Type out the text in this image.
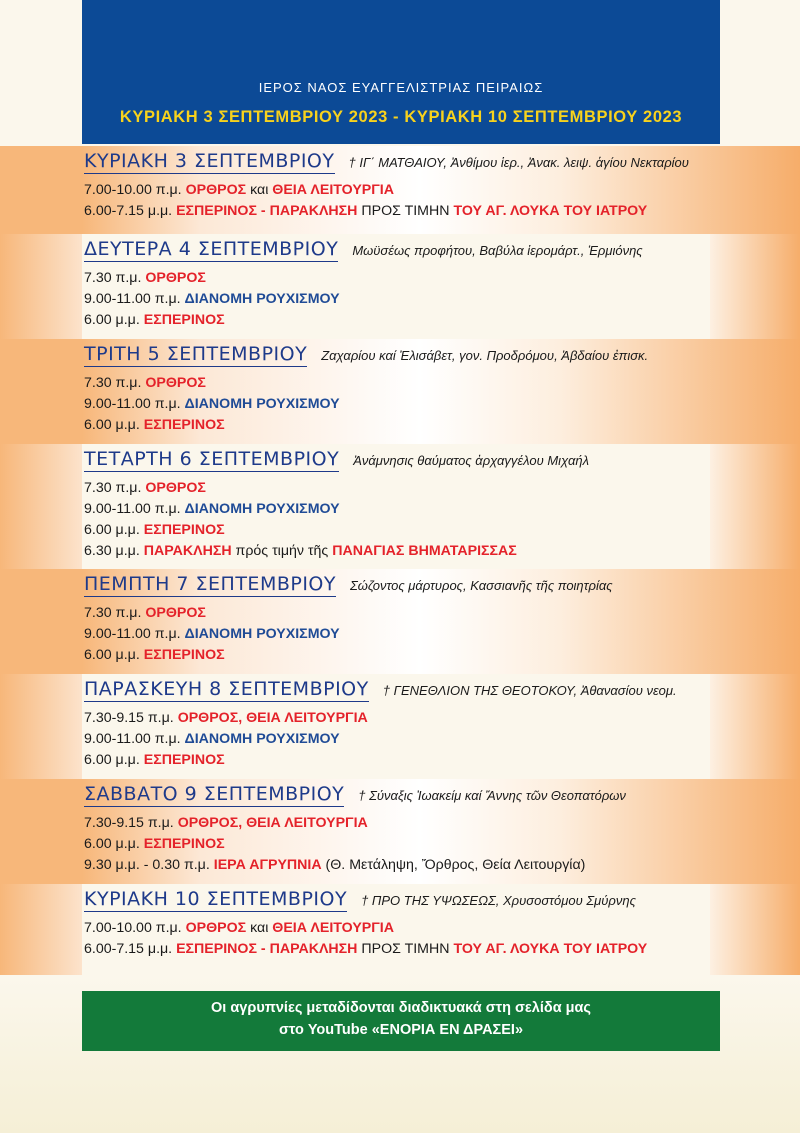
ΙΕΡΟΣ ΝΑΟΣ ΕΥΑΓΓΕΛΙΣΤΡΙΑΣ ΠΕΙΡΑΙΩΣ
ΚΥΡΙΑΚΗ 3 ΣΕΠΤΕΜΒΡΙΟΥ 2023 - ΚΥΡΙΑΚΗ 10 ΣΕΠΤΕΜΒΡΙΟΥ 2023
ΚΥΡΙΑΚΗ 3 ΣΕΠΤΕΜΒΡΙΟΥ † ΙΓ΄ ΜΑΤΘΑΙΟΥ, Ἀνθίμου ἱερ., Ἀνακ. λειψ. ἁγίου Νεκταρίου
7.00-10.00 π.μ. ΟΡΘΡΟΣ και ΘΕΙΑ ΛΕΙΤΟΥΡΓΙΑ
6.00-7.15 μ.μ. ΕΣΠΕΡΙΝΟΣ - ΠΑΡΑΚΛΗΣΗ ΠΡΟΣ ΤΙΜΗΝ ΤΟΥ ΑΓ. ΛΟΥΚΑ ΤΟΥ ΙΑΤΡΟΥ
ΔΕΥΤΕΡΑ 4 ΣΕΠΤΕΜΒΡΙΟΥ Μωϋσέως προφήτου, Βαβύλα ἱερομάρτ., Ἑρμιόνης
7.30 π.μ. ΟΡΘΡΟΣ
9.00-11.00 π.μ. ΔΙΑΝΟΜΗ ΡΟΥΧΙΣΜΟΥ
6.00 μ.μ. ΕΣΠΕΡΙΝΟΣ
ΤΡΙΤΗ 5 ΣΕΠΤΕΜΒΡΙΟΥ Ζαχαρίου καί Ἐλισάβετ, γον. Προδρόμου, Ἀβδαίου ἐπισκ.
7.30 π.μ. ΟΡΘΡΟΣ
9.00-11.00 π.μ. ΔΙΑΝΟΜΗ ΡΟΥΧΙΣΜΟΥ
6.00 μ.μ. ΕΣΠΕΡΙΝΟΣ
ΤΕΤΑΡΤΗ 6 ΣΕΠΤΕΜΒΡΙΟΥ Ἀνάμνησις θαύματος ἀρχαγγέλου Μιχαήλ
7.30 π.μ. ΟΡΘΡΟΣ
9.00-11.00 π.μ. ΔΙΑΝΟΜΗ ΡΟΥΧΙΣΜΟΥ
6.00 μ.μ. ΕΣΠΕΡΙΝΟΣ
6.30 μ.μ. ΠΑΡΑΚΛΗΣΗ πρός τιμήν τῆς ΠΑΝΑΓΙΑΣ ΒΗΜΑΤΑΡΙΣΣΑΣ
ΠΕΜΠΤΗ 7 ΣΕΠΤΕΜΒΡΙΟΥ Σώζοντος μάρτυρος, Κασσιανῆς τῆς ποιητρίας
7.30 π.μ. ΟΡΘΡΟΣ
9.00-11.00 π.μ. ΔΙΑΝΟΜΗ ΡΟΥΧΙΣΜΟΥ
6.00 μ.μ. ΕΣΠΕΡΙΝΟΣ
ΠΑΡΑΣΚΕΥΗ 8 ΣΕΠΤΕΜΒΡΙΟΥ † ΓΕΝΕΘΛΙΟΝ ΤΗΣ ΘΕΟΤΟΚΟΥ, Ἀθανασίου νεομ.
7.30-9.15 π.μ. ΟΡΘΡΟΣ, ΘΕΙΑ ΛΕΙΤΟΥΡΓΙΑ
9.00-11.00 π.μ. ΔΙΑΝΟΜΗ ΡΟΥΧΙΣΜΟΥ
6.00 μ.μ. ΕΣΠΕΡΙΝΟΣ
ΣΑΒΒΑΤΟ 9 ΣΕΠΤΕΜΒΡΙΟΥ † Σύναξις Ἰωακείμ καί Ἄννης τῶν Θεοπατόρων
7.30-9.15 π.μ. ΟΡΘΡΟΣ, ΘΕΙΑ ΛΕΙΤΟΥΡΓΙΑ
6.00 μ.μ. ΕΣΠΕΡΙΝΟΣ
9.30 μ.μ. - 0.30 π.μ. ΙΕΡΑ ΑΓΡΥΠΝΙΑ (Θ. Μετάληψη, Ὄρθρος, Θεία Λειτουργία)
ΚΥΡΙΑΚΗ 10 ΣΕΠΤΕΜΒΡΙΟΥ † ΠΡΟ ΤΗΣ ΥΨΩΣΕΩΣ, Χρυσοστόμου Σμύρνης
7.00-10.00 π.μ. ΟΡΘΡΟΣ και ΘΕΙΑ ΛΕΙΤΟΥΡΓΙΑ
6.00-7.15 μ.μ. ΕΣΠΕΡΙΝΟΣ - ΠΑΡΑΚΛΗΣΗ ΠΡΟΣ ΤΙΜΗΝ ΤΟΥ ΑΓ. ΛΟΥΚΑ ΤΟΥ ΙΑΤΡΟΥ
Οι αγρυπνίες μεταδίδονται διαδικτυακά στη σελίδα μας
στο YouTube «ΕΝΟΡΙΑ ΕΝ ΔΡΑΣΕΙ»
